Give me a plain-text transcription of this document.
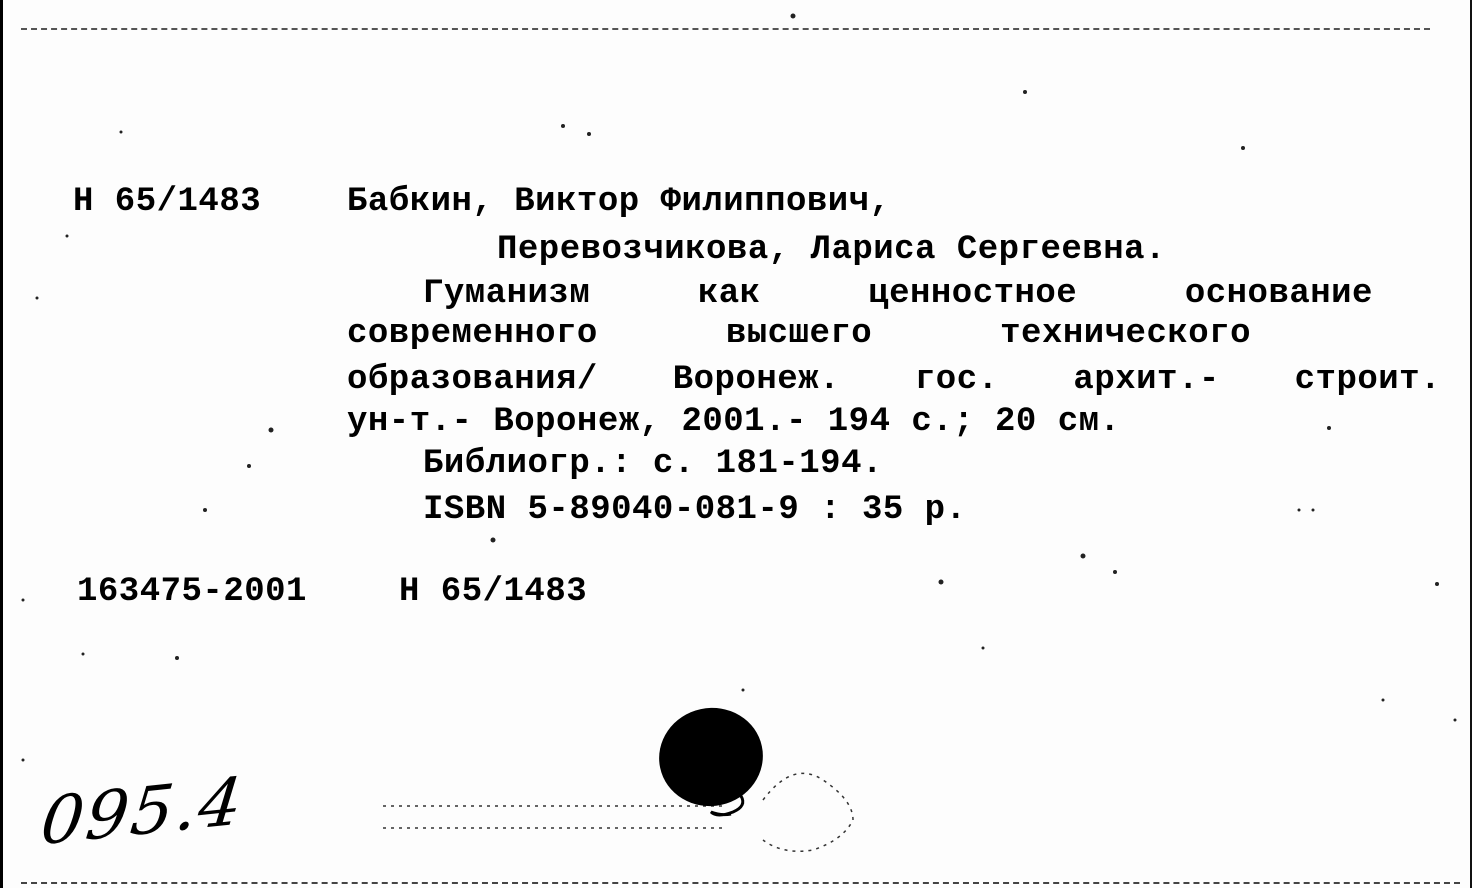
Н 65/1483	Бабкин, Виктор Филиппович,
Перевозчикова, Лариса Сергеевна.
Гуманизм	как	ценностное	основание
современного	высшего	технического
образования/ Воронеж. гос. архит.- строит.
ун-т.- Воронеж, 2001.- 194 с.; 20 см.
Библиогр.: с. 181-194.
ISBN 5-89040-081-9 : 35 р.
163475-2001	Н 65/1483
095.4
